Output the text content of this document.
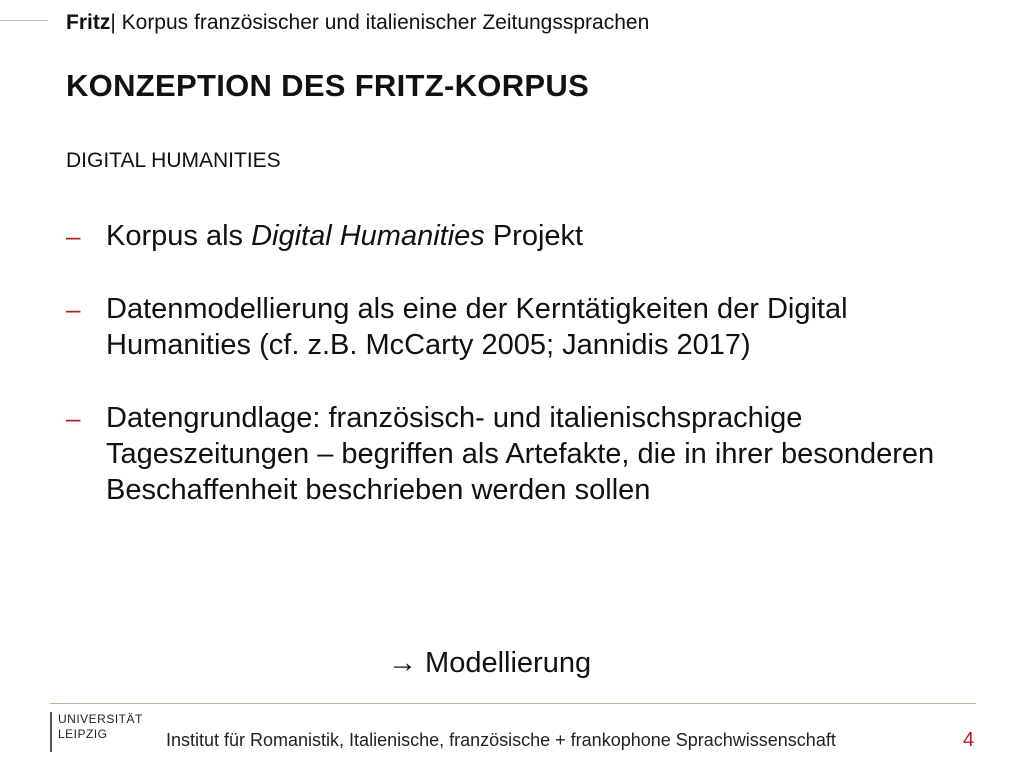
Fritz| Korpus französischer und italienischer Zeitungssprachen
KONZEPTION DES FRITZ-KORPUS
DIGITAL HUMANITIES
– Korpus als Digital Humanities Projekt
– Datenmodellierung als eine der Kerntätigkeiten der Digital Humanities (cf. z.B. McCarty 2005; Jannidis 2017)
– Datengrundlage: französisch- und italienischsprachige Tageszeitungen – begriffen als Artefakte, die in ihrer besonderen Beschaffenheit beschrieben werden sollen
→ Modellierung
UNIVERSITÄT
LEIPZIG	Institut für Romanistik, Italienische, französische + frankophone Sprachwissenschaft	4
